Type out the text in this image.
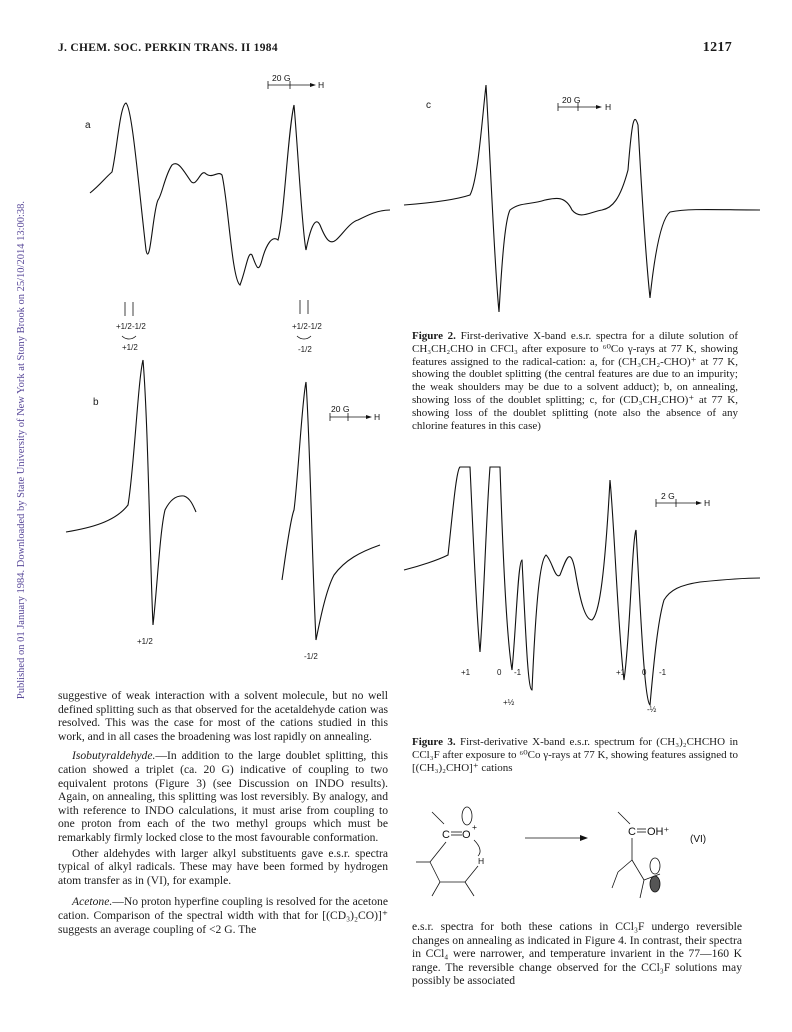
J. CHEM. SOC. PERKIN TRANS. II 1984	1217
Published on 01 January 1984. Downloaded by State University of New York at Stony Brook on 25/10/2014 13:00:38.
a
20 G
H
+1/2 -1/2
+1/2
+1/2 -1/2
-1/2
b
20 G
H
+1/2
-1/2
c	20 G
H
Figure 2. First-derivative X-band e.s.r. spectra for a dilute solution of CH₃CH₂CHO in CFCl₃ after exposure to ⁶⁰Co γ-rays at 77 K, showing features assigned to the radical-cation: a, for (CH₃CH₂-CHO)⁺ at 77 K, showing the doublet splitting (the central features are due to an impurity; the weak shoulders may be due to a solvent adduct); b, on annealing, showing loss of the doublet splitting; c, for (CD₃CH₂CHO)⁺ at 77 K, showing loss of the doublet splitting (note also the absence of any chlorine features in this case)
2 G
H
+1	0 -1	+1 0 -1
+½
-½
Figure 3. First-derivative X-band e.s.r. spectrum for (CH₃)₂CHCHO in CCl₃F after exposure to ⁶⁰Co γ-rays at 77 K, showing features assigned to [(CH₃)₂CHO]⁺ cations
C O
+
H
C OH⁺
(VI)

suggestive of weak interaction with a solvent molecule, but no well defined splitting such as that observed for the acetaldehyde cation was resolved. This was the case for most of the cations studied in this work, and in all cases the broadening was lost rapidly on annealing.

Isobutyraldehyde.—In addition to the large doublet splitting, this cation showed a triplet (ca. 20 G) indicative of coupling to two equivalent protons (Figure 3) (see Discussion on INDO results). Again, on annealing, this splitting was lost reversibly. By analogy, and with reference to INDO calculations, it must arise from coupling to one proton from each of the two methyl groups which must be remarkably firmly locked close to the most favourable conformation.

Other aldehydes with larger alkyl substituents gave e.s.r. spectra typical of alkyl radicals. These may have been formed by hydrogen atom transfer as in (VI), for example.

Acetone.—No proton hyperfine coupling is resolved for the acetone cation. Comparison of the spectral width with that for [(CD₃)₂CO)]⁺ suggests an average coupling of <2 G. The	e.s.r. spectra for both these cations in CCl₃F undergo reversible changes on annealing as indicated in Figure 4. In contrast, their spectra in CCl₄ were narrower, and temperature invarient in the 77—160 K range. The reversible change observed for the CCl₃F solutions may possibly be associated
